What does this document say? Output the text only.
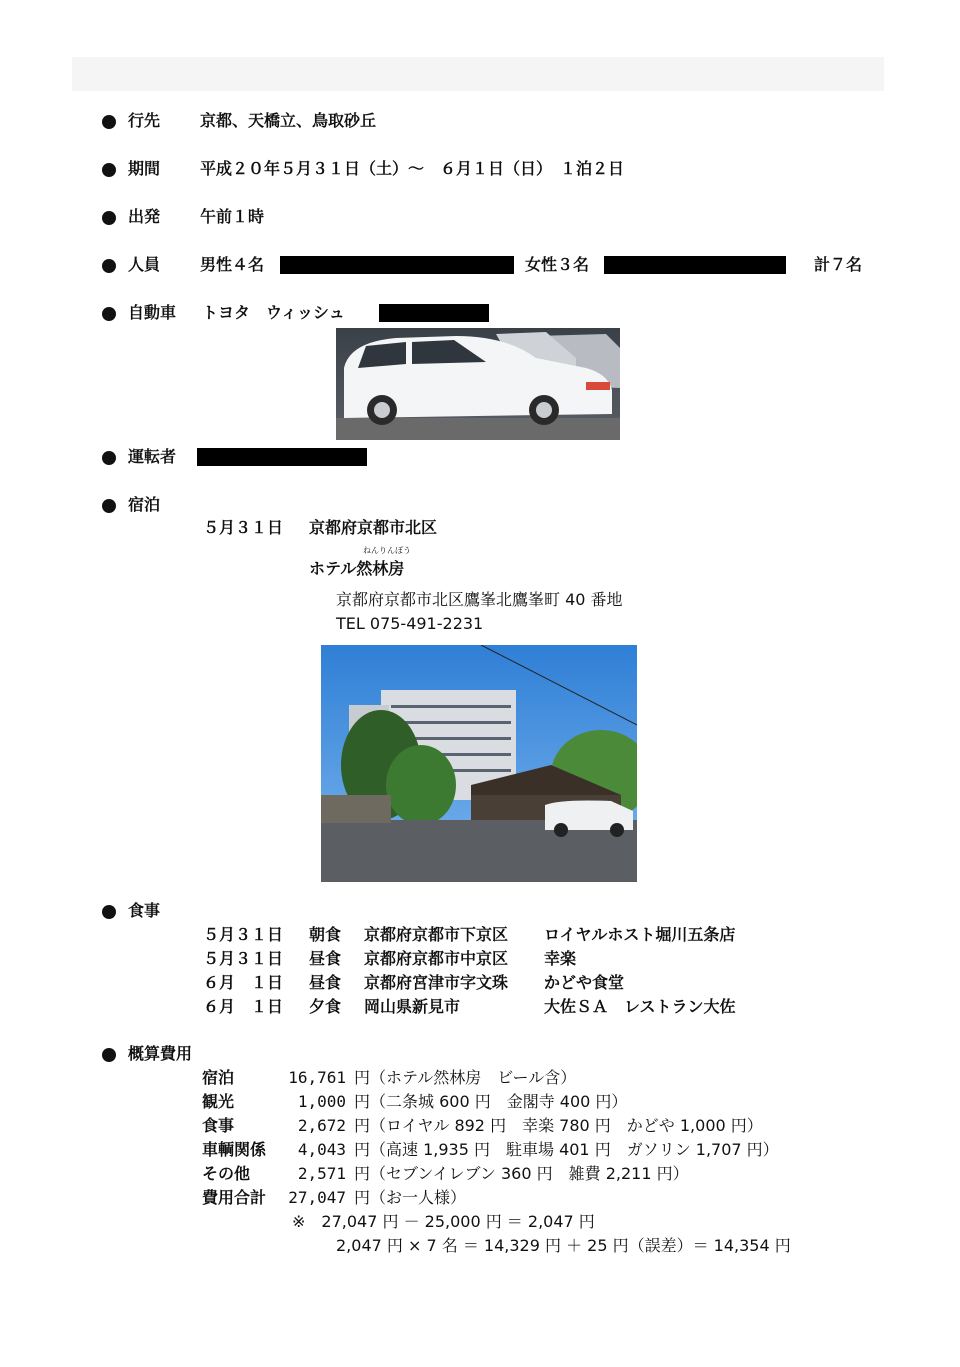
行先 京都、天橋立、鳥取砂丘
期間 平成２０年５月３１日（土）～　６月１日（日）　１泊２日
出発 午前１時
人員 男性４名	女性３名	計７名
自動車 トヨタ　ウィッシュ
運転者
宿泊
５月３１日 京都府京都市北区
ねんりんぼう
ホテル然林房
京都府京都市北区鷹峯北鷹峯町 40 番地
TEL 075-491-2231
食事
５月３１日 朝食 京都府京都市下京区 ロイヤルホスト堀川五条店
５月３１日 昼食 京都府京都市中京区 幸楽
６月　１日 昼食 京都府宮津市字文珠 かどや食堂
６月　１日 夕食 岡山県新見市	大佐ＳＡ　レストラン大佐
概算費用
宿泊	16,761 円（ホテル然林房　ビール含）
観光	1,000 円（二条城 600 円　金閣寺 400 円）
食事	2,672 円（ロイヤル 892 円　幸楽 780 円　かどや 1,000 円）
車輌関係	4,043 円（高速 1,935 円　駐車場 401 円　ガソリン 1,707 円）
その他	2,571 円（セブンイレブン 360 円　雑費 2,211 円）
費用合計	27,047 円（お一人様）
※　27,047 円 － 25,000 円 ＝ 2,047 円
2,047 円 × 7 名 ＝ 14,329 円 ＋ 25 円（誤差）＝ 14,354 円
